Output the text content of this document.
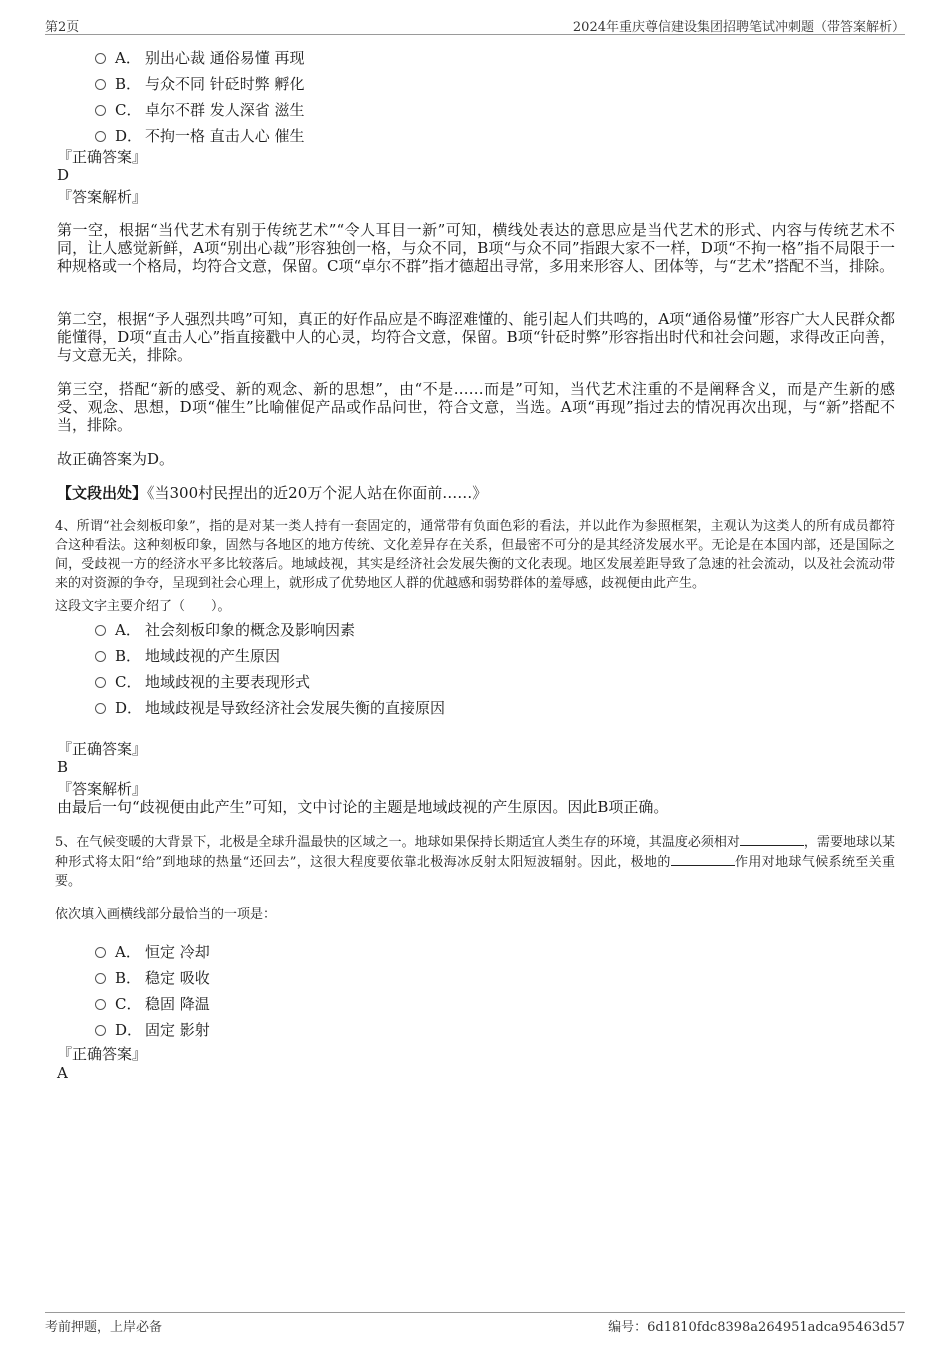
第2页	2024年重庆尊信建设集团招聘笔试冲刺题（带答案解析）
A． 别出心裁 通俗易懂 再现
B． 与众不同 针砭时弊 孵化
C． 卓尔不群 发人深省 滋生
D． 不拘一格 直击人心 催生
『正确答案』
D
『答案解析』
第一空，根据“当代艺术有别于传统艺术”“令人耳目一新”可知，横线处表达的意思应是当代艺术的形式、内容与传统艺术不同，让人感觉新鲜，A项“别出心裁”形容独创一格，与众不同，B项“与众不同”指跟大家不一样，D项“不拘一格”指不局限于一种规格或一个格局，均符合文意，保留。C项“卓尔不群”指才德超出寻常，多用来形容人、团体等，与“艺术”搭配不当，排除。
第二空，根据“予人强烈共鸣”可知，真正的好作品应是不晦涩难懂的、能引起人们共鸣的，A项“通俗易懂”形容广大人民群众都能懂得，D项“直击人心”指直接戳中人的心灵，均符合文意，保留。B项“针砭时弊”形容指出时代和社会问题，求得改正向善，与文意无关，排除。
第三空，搭配“新的感受、新的观念、新的思想”，由“不是……而是”可知，当代艺术注重的不是阐释含义，而是产生新的感受、观念、思想，D项“催生”比喻催促产品或作品问世，符合文意，当选。A项“再现”指过去的情况再次出现，与“新”搭配不当，排除。
故正确答案为D。
【文段出处】《当300村民捏出的近20万个泥人站在你面前……》
4、所谓“社会刻板印象”，指的是对某一类人持有一套固定的，通常带有负面色彩的看法，并以此作为参照框架，主观认为这类人的所有成员都符合这种看法。这种刻板印象，固然与各地区的地方传统、文化差异存在关系，但最密不可分的是其经济发展水平。无论是在本国内部，还是国际之间，受歧视一方的经济水平多比较落后。地域歧视，其实是经济社会发展失衡的文化表现。地区发展差距导致了急速的社会流动，以及社会流动带来的对资源的争夺，呈现到社会心理上，就形成了优势地区人群的优越感和弱势群体的羞辱感，歧视便由此产生。
这段文字主要介绍了（　　）。
A． 社会刻板印象的概念及影响因素
B． 地域歧视的产生原因
C． 地域歧视的主要表现形式
D． 地域歧视是导致经济社会发展失衡的直接原因
『正确答案』
B
『答案解析』
由最后一句“歧视便由此产生”可知，文中讨论的主题是地域歧视的产生原因。因此B项正确。
5、在气候变暖的大背景下，北极是全球升温最快的区域之一。地球如果保持长期适宜人类生存的环境，其温度必须相对	，需要地球以某种形式将太阳“给”到地球的热量“还回去”，这很大程度要依靠北极海冰反射太阳短波辐射。因此，极地的	作用对地球气候系统至关重要。
依次填入画横线部分最恰当的一项是：
A． 恒定 冷却
B． 稳定 吸收
C． 稳固 降温
D． 固定 影射
『正确答案』
A
考前押题，上岸必备	编号：6d1810fdc8398a264951adca95463d57
